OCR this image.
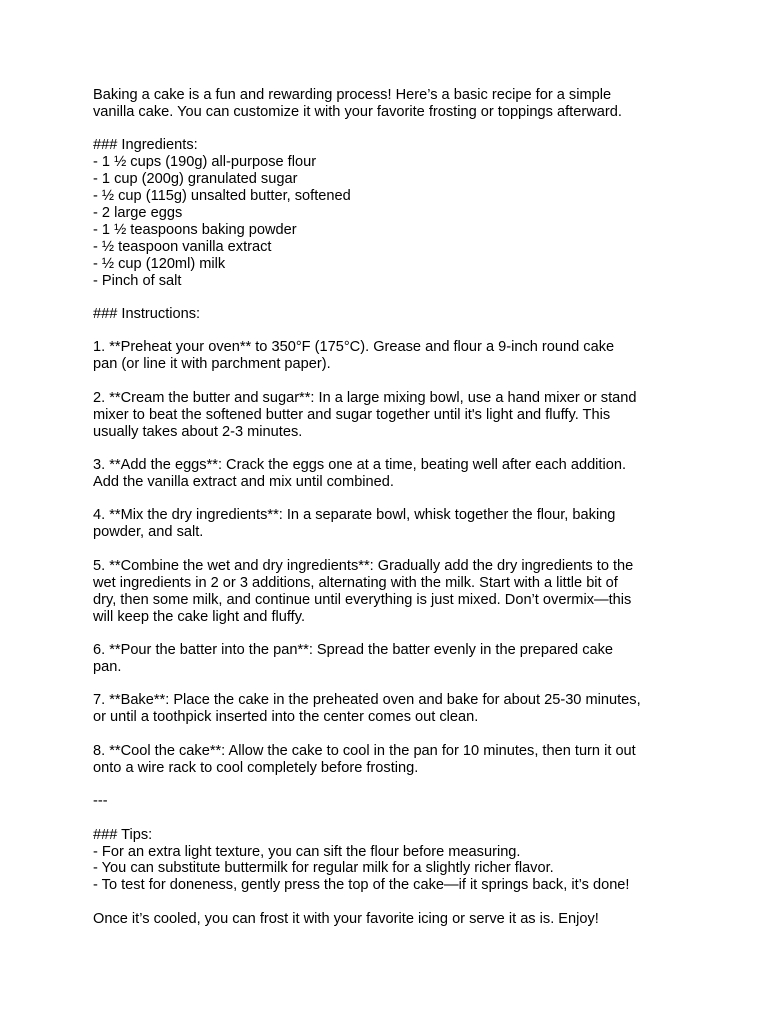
Baking a cake is a fun and rewarding process! Here’s a basic recipe for a simple
vanilla cake. You can customize it with your favorite frosting or toppings afterward.
### Ingredients:
- 1 ½ cups (190g) all-purpose flour
- 1 cup (200g) granulated sugar
- ½ cup (115g) unsalted butter, softened
- 2 large eggs
- 1 ½ teaspoons baking powder
- ½ teaspoon vanilla extract
- ½ cup (120ml) milk
- Pinch of salt
### Instructions:
1. **Preheat your oven** to 350°F (175°C). Grease and flour a 9-inch round cake
pan (or line it with parchment paper).
2. **Cream the butter and sugar**: In a large mixing bowl, use a hand mixer or stand
mixer to beat the softened butter and sugar together until it's light and fluffy. This
usually takes about 2-3 minutes.
3. **Add the eggs**: Crack the eggs one at a time, beating well after each addition.
Add the vanilla extract and mix until combined.
4. **Mix the dry ingredients**: In a separate bowl, whisk together the flour, baking
powder, and salt.
5. **Combine the wet and dry ingredients**: Gradually add the dry ingredients to the
wet ingredients in 2 or 3 additions, alternating with the milk. Start with a little bit of
dry, then some milk, and continue until everything is just mixed. Don’t overmix—this
will keep the cake light and fluffy.
6. **Pour the batter into the pan**: Spread the batter evenly in the prepared cake
pan.
7. **Bake**: Place the cake in the preheated oven and bake for about 25-30 minutes,
or until a toothpick inserted into the center comes out clean.
8. **Cool the cake**: Allow the cake to cool in the pan for 10 minutes, then turn it out
onto a wire rack to cool completely before frosting.
---
### Tips:
- For an extra light texture, you can sift the flour before measuring.
- You can substitute buttermilk for regular milk for a slightly richer flavor.
- To test for doneness, gently press the top of the cake—if it springs back, it’s done!
Once it’s cooled, you can frost it with your favorite icing or serve it as is. Enjoy!
